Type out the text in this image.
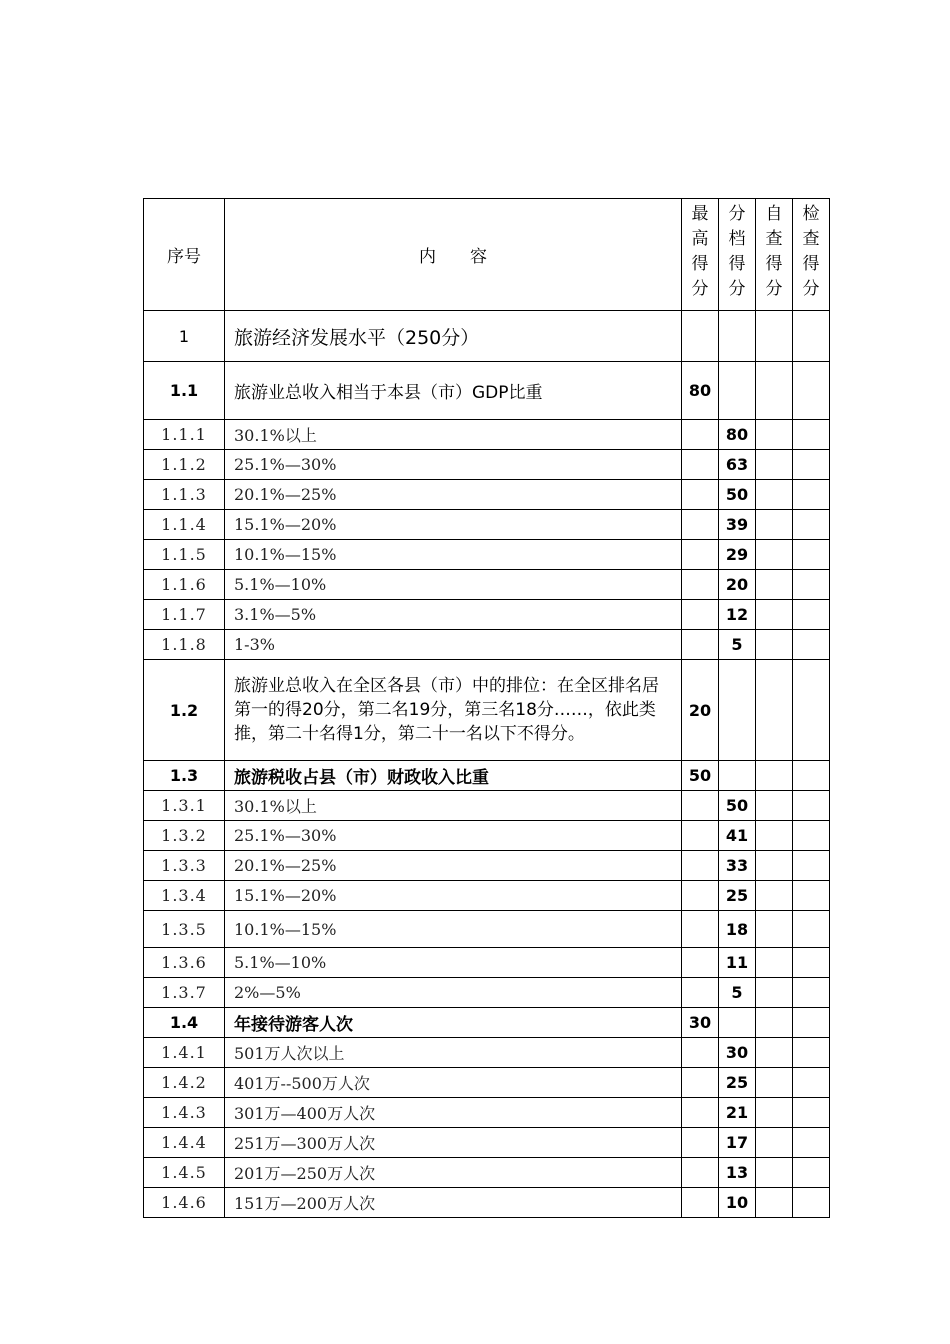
序号	内　　容	最
高
得
分	分
档
得
分	自
查
得
分	检
查
得
分

1	旅游经济发展水平（250分）				
1.1	旅游业总收入相当于本县（市）GDP比重	80			
1.1.1	30.1%以上		80		
1.1.2	25.1%—30%		63		
1.1.3	20.1%—25%		50		
1.1.4	15.1%—20%		39		
1.1.5	10.1%—15%		29		
1.1.6	5.1%—10%		20		
1.1.7	3.1%—5%		12		
1.1.8	1-3%		5		
1.2	旅游业总收入在全区各县（市）中的排位：在全区排名居第一的得20分，第二名19分，第三名18分……，依此类推，第二十名得1分，第二十一名以下不得分。	20			
1.3	旅游税收占县（市）财政收入比重	50			
1.3.1	30.1%以上		50		
1.3.2	25.1%—30%		41		
1.3.3	20.1%—25%		33		
1.3.4	15.1%—20%		25		
1.3.5	10.1%—15%		18		
1.3.6	5.1%—10%		11		
1.3.7	2%—5%		5		
1.4	年接待游客人次	30			
1.4.1	501万人次以上		30		
1.4.2	401万--500万人次		25		
1.4.3	301万—400万人次		21		
1.4.4	251万—300万人次		17		
1.4.5	201万—250万人次		13		
1.4.6	151万—200万人次		10		
